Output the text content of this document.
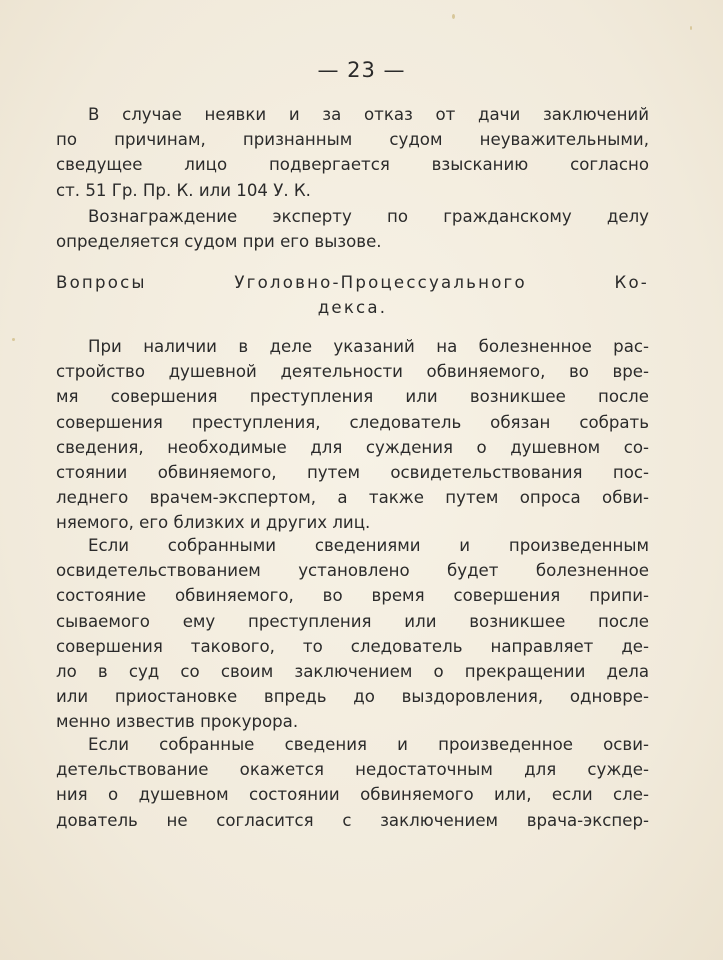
— 23 —
В случае неявки и за отказ от дачи заключений
по причинам, признанным судом неуважительными,
сведущее лицо подвергается взысканию согласно
ст. 51 Гр. Пр. К. или 104 У. К.
Вознаграждение эксперту по гражданскому делу
определяется судом при его вызове.
Вопросы Уголовно-Процессуального Ко-
декса.
При наличии в деле указаний на болезненное рас-
стройство душевной деятельности обвиняемого, во вре-
мя совершения преступления или возникшее после
совершения преступления, следователь обязан собрать
сведения, необходимые для суждения о душевном со-
стоянии обвиняемого, путем освидетельствования пос-
леднего врачем-экспертом, а также путем опроса обви-
няемого, его близких и других лиц.
Если собранными сведениями и произведенным
освидетельствованием установлено будет болезненное
состояние обвиняемого, во время совершения припи-
сываемого ему преступления или возникшее после
совершения такового, то следователь направляет де-
ло в суд со своим заключением о прекращении дела
или приостановке впредь до выздоровления, одновре-
менно известив прокурора.
Если собранные сведения и произведенное осви-
детельствование окажется недостаточным для сужде-
ния о душевном состоянии обвиняемого или, если сле-
дователь не согласится с заключением врача-экспер-
